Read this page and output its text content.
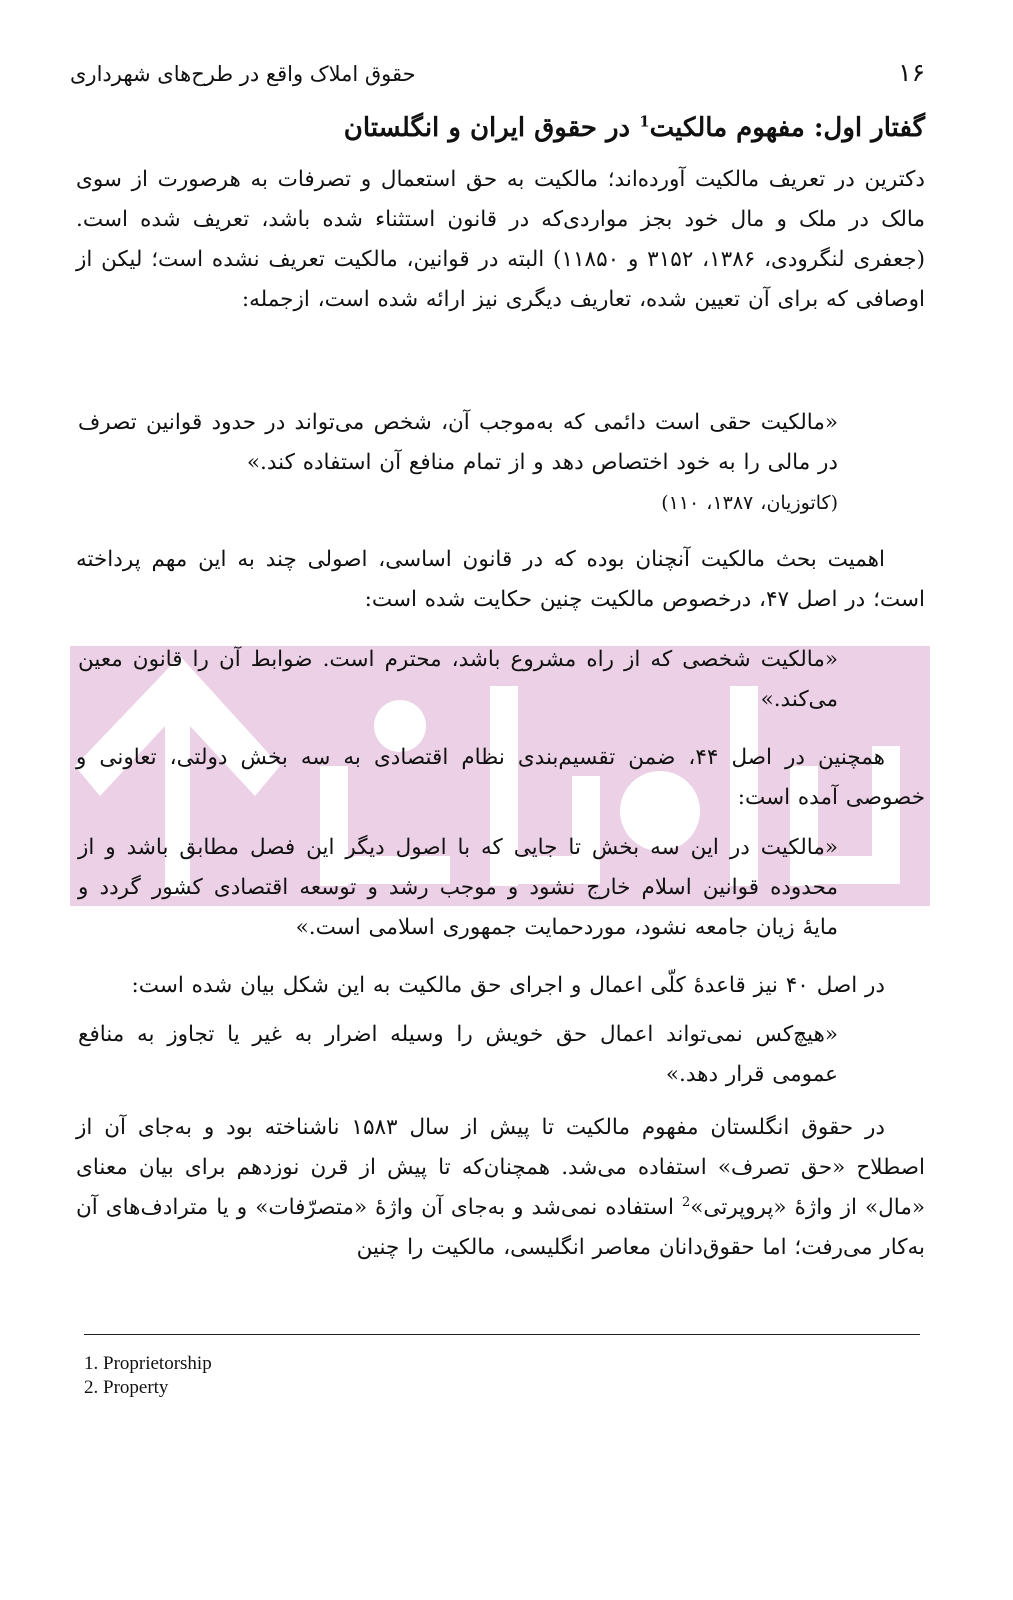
۱۶
حقوق املاک واقع در طرح‌های شهرداری
گفتار اول: مفهوم مالکیت$^1$ در حقوق ایران و انگلستان

دکترین در تعریف مالکیت آورده‌اند؛ مالکیت به حق استعمال و تصرفات به هرصورت از سوی مالک در ملک و مال خود بجز مواردی‌که در قانون استثناء شده باشد، تعریف شده است. (جعفری لنگرودی، ۱۳۸۶، ۳۱۵۲ و ۱۱۸۵۰) البته در قوانین، مالکیت تعریف نشده است؛ لیکن از اوصافی که برای آن تعیین شده، تعاریف دیگری نیز ارائه شده است، ازجمله:

«مالکیت حقی است دائمی که به‌موجب آن، شخص می‌تواند در حدود قوانین تصرف در مالی را به خود اختصاص دهد و از تمام منافع آن استفاده کند.»
(کاتوزیان، ۱۳۸۷، ۱۱۰)

اهمیت بحث مالکیت آنچنان بوده که در قانون اساسی، اصولی چند به این مهم پرداخته است؛ در اصل ۴۷، درخصوص مالکیت چنین حکایت شده است:

«مالکیت شخصی که از راه مشروع باشد، محترم است. ضوابط آن را قانون معین می‌کند.»

همچنین در اصل ۴۴، ضمن تقسیم‌بندی نظام اقتصادی به سه بخش دولتی، تعاونی و خصوصی آمده است:

«مالکیت در این سه بخش تا جایی که با اصول دیگر این فصل مطابق باشد و از محدوده قوانین اسلام خارج نشود و موجب رشد و توسعه اقتصادی کشور گردد و مایهٔ زیان جامعه نشود، موردحمایت جمهوری اسلامی است.»

در اصل ۴۰ نیز قاعدهٔ کلّی اعمال و اجرای حق مالکیت به این شکل بیان شده است:

«هیچ‌کس نمی‌تواند اعمال حق خویش را وسیله اضرار به غیر یا تجاوز به منافع عمومی قرار دهد.»

در حقوق انگلستان مفهوم مالکیت تا پیش از سال ۱۵۸۳ ناشناخته بود و به‌جای آن از اصطلاح «حق تصرف» استفاده می‌شد. همچنان‌که تا پیش از قرن نوزدهم برای بیان معنای «مال» از واژهٔ «پروپرتی»$^2$ استفاده نمی‌شد و به‌جای آن واژهٔ «متصرّفات» و یا مترادف‌های آن به‌کار می‌رفت؛ اما حقوق‌دانان معاصر انگلیسی، مالکیت را چنین

1. Proprietorship
2. Property
